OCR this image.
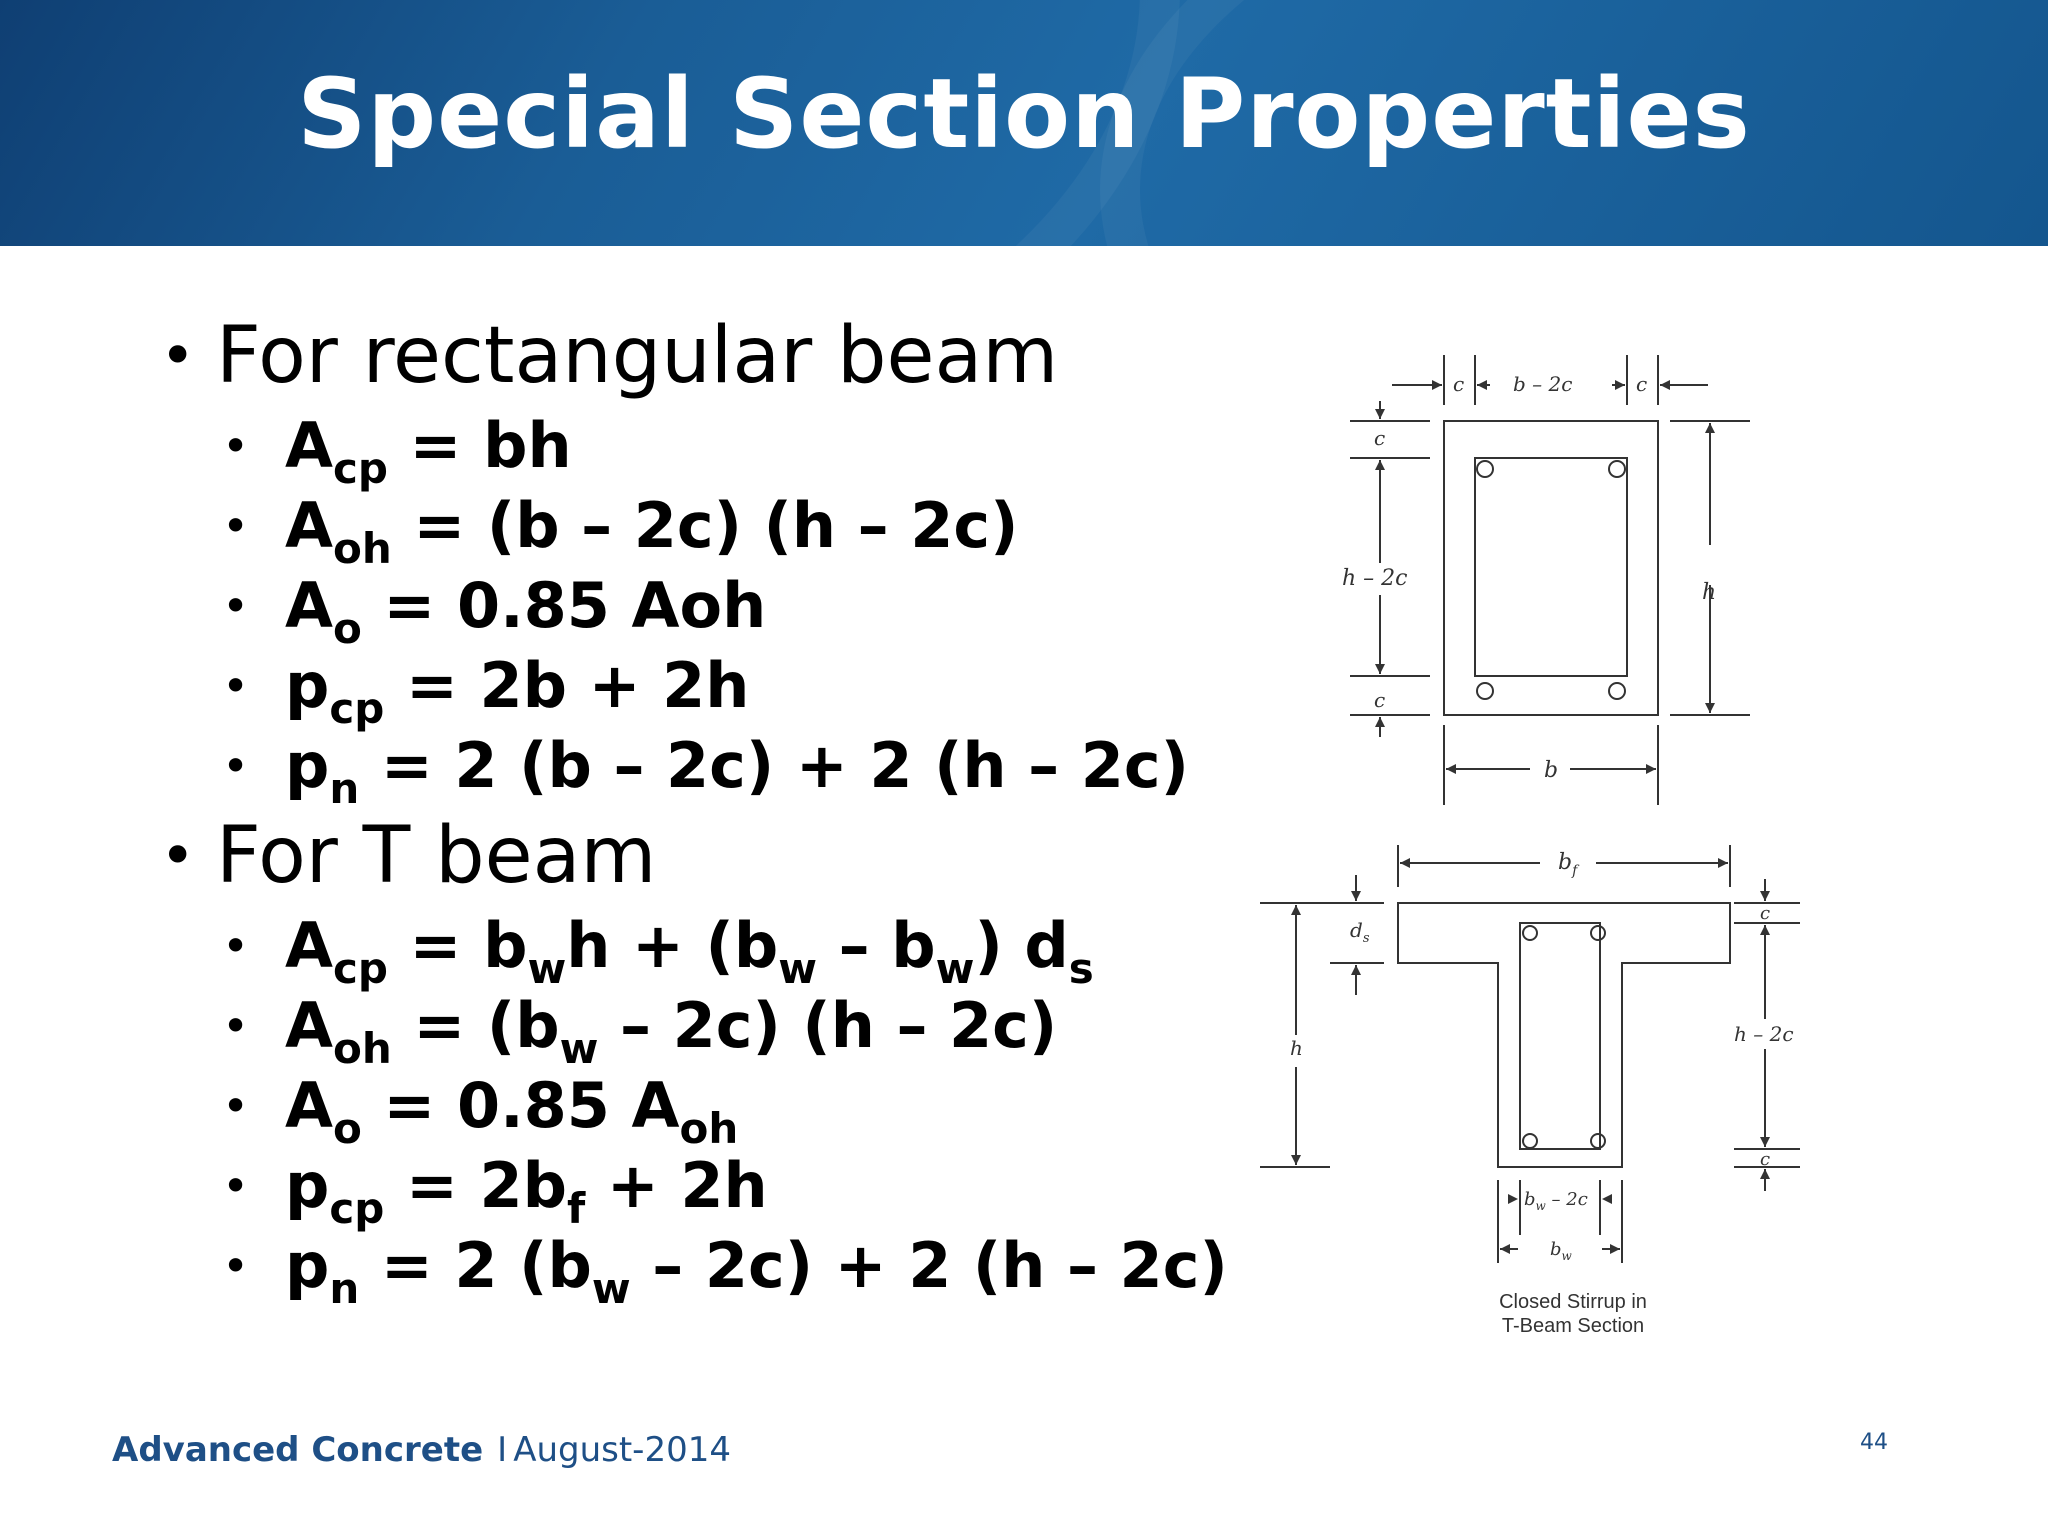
Special Section Properties
• For rectangular beam
• $A_{cp}$ = bh
• $A_{oh} = (b - 2c)$ (h – 2c)
• $A_o = 0.85$ Aoh
• $p_{cp} = 2b + 2h$
• $p_n = 2$ (b – 2c) + 2 (h – 2c)
• For T beam
• $A_{cp} = b_wh + (b_w - b_w)$ $d_s$
• $A_{oh} = (b_w - 2c)$ (h – 2c)
• $A_o = 0.85$ $A_{oh}$
• $p_{cp} = 2b_f + 2h$
• $p_n = 2$ $(b_w - 2c) + 2$ (h – 2c)
c b – 2c	c
c
h – 2c
c
h
b
$b_f$
$d_s$
h
c
h – 2c
c
$b_w - 2c$
$b_w$
Closed Stirrup in
T-Beam Section
Advanced Concrete I August-2014	44
